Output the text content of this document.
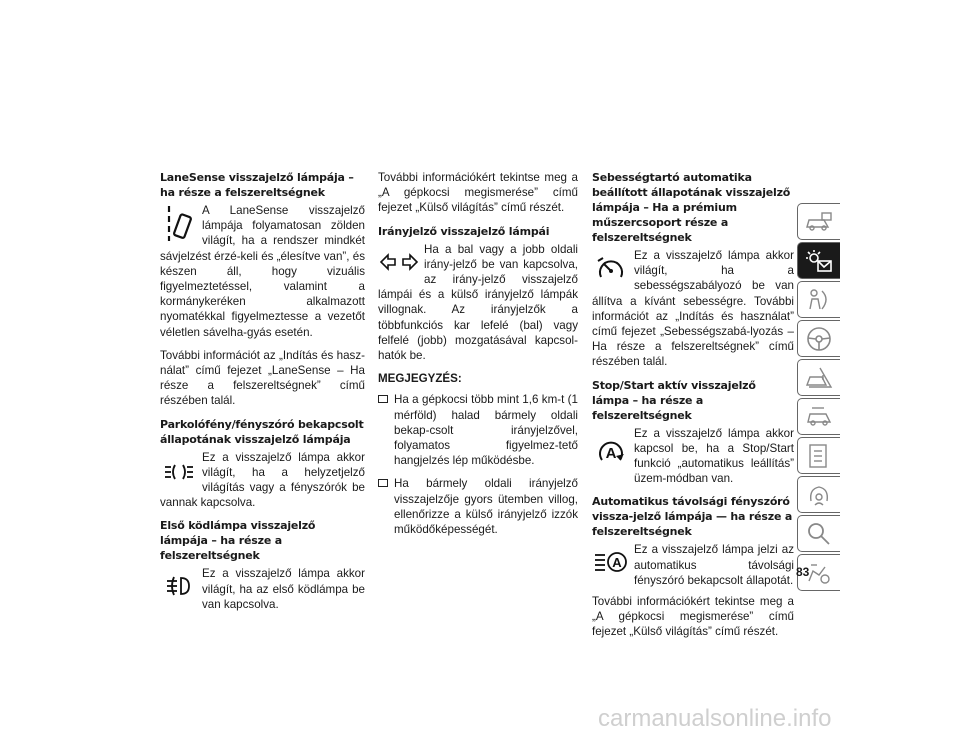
LaneSense visszajelző lámpája – ha része a felszereltségnek
A LaneSense visszajelző lámpája folyamatosan zölden világít, ha a rendszer mindkét sávjelzést érzé-keli és „élesítve van”, és készen áll, hogy vizuális figyelmeztetéssel, valamint a kormánykeréken alkalmazott nyomatékkal figyelmeztesse a vezetőt véletlen sávelha-gyás esetén.

További információt az „Indítás és hasz-nálat” című fejezet „LaneSense – Ha része a felszereltségnek” című részében talál.

Parkolófény/fényszóró bekapcsolt állapotának visszajelző lámpája
Ez a visszajelző lámpa akkor világít, ha a helyzetjelző világítás vagy a fényszórók be vannak kapcsolva.
Első ködlámpa visszajelző lámpája – ha része a felszereltségnek
Ez a visszajelző lámpa akkor világít, ha az első ködlámpa be van kapcsolva.

További információkért tekintse meg a „A gépkocsi megismerése” című fejezet „Külső világítás” című részét.

Irányjelző visszajelző lámpái
Ha a bal vagy a jobb oldali irány-jelző be van kapcsolva, az irány-jelző visszajelző lámpái és a külső irányjelző lámpák villognak. Az irányjelzők a többfunkciós kar lefelé (bal) vagy felfelé (jobb) mozgatásával kapcsol-hatók be.
MEGJEGYZÉS:
Ha a gépkocsi több mint 1,6 km-t (1 mérföld) halad bármely oldali bekap-csolt irányjelzővel, folyamatos figyelmez-tető hangjelzés lép működésbe.
Ha bármely oldali irányjelző visszajelzője gyors ütemben villog, ellenőrizze a külső irányjelző izzók működőképességét.
Sebességtartó automatika beállított állapotának visszajelző lámpája – Ha a prémium műszercsoport része a felszereltségnek
Ez a visszajelző lámpa akkor világít, ha a sebességszabályozó be van állítva a kívánt sebességre. További információt az „Indítás és használat” című fejezet „Sebességszabá-lyozás – Ha része a felszereltségnek” című részében talál.
Stop/Start aktív visszajelző lámpa – ha része a felszereltségnek
A
Ez a visszajelző lámpa akkor kapcsol be, ha a Stop/Start funkció „automatikus leállítás” üzem-módban van.
Automatikus távolsági fényszóró vissza-jelző lámpája — ha része a felszereltségnek
A
Ez a visszajelző lámpa jelzi az automatikus távolsági fényszóró bekapcsolt állapotát.

További információkért tekintse meg a „A gépkocsi megismerése” című fejezet „Külső világítás” című részét.

83
carmanualsonline.info
